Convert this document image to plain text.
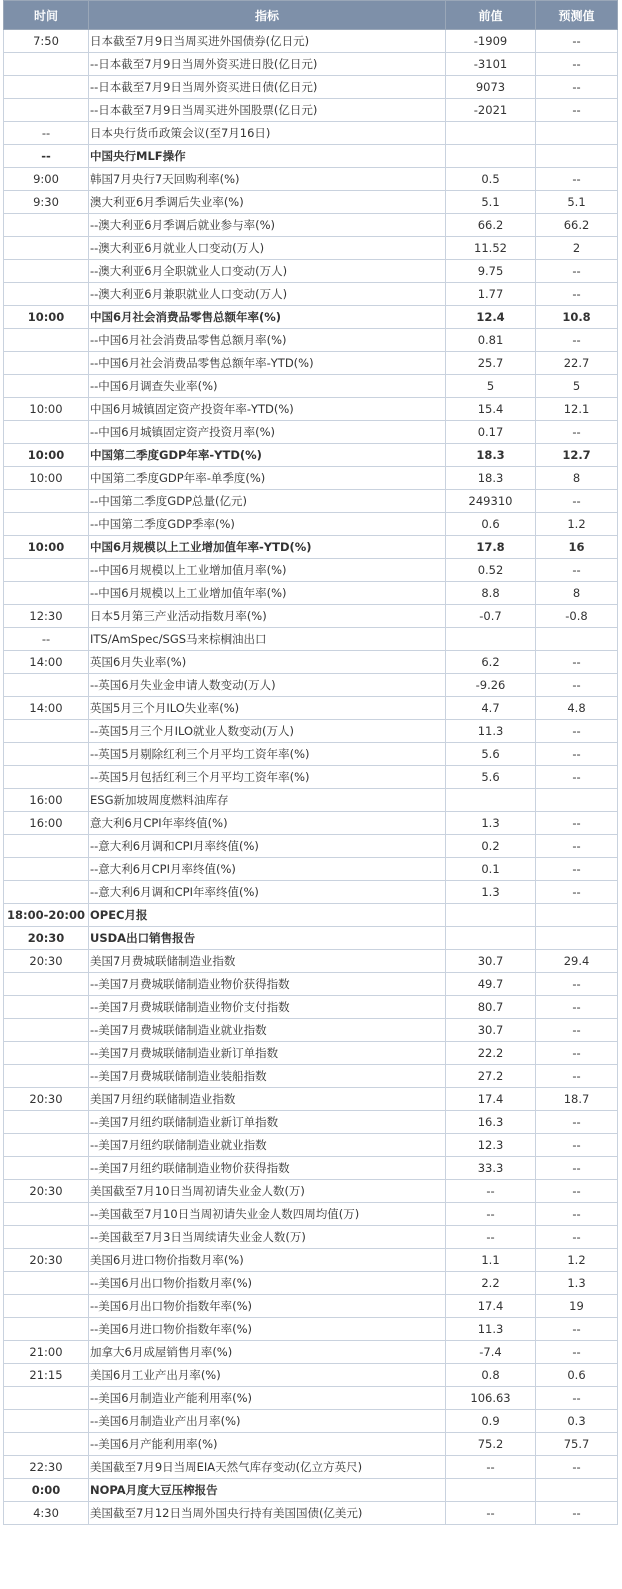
时间	指标	前值	预测值
7:50	日本截至7月9日当周买进外国债券(亿日元)	-1909	--
	--日本截至7月9日当周外资买进日股(亿日元)	-3101	--
	--日本截至7月9日当周外资买进日债(亿日元)	9073	--
	--日本截至7月9日当周买进外国股票(亿日元)	-2021	--
--	日本央行货币政策会议(至7月16日)		
--	中国央行MLF操作		
9:00	韩国7月央行7天回购利率(%)	0.5	--
9:30	澳大利亚6月季调后失业率(%)	5.1	5.1
	--澳大利亚6月季调后就业参与率(%)	66.2	66.2
	--澳大利亚6月就业人口变动(万人)	11.52	2
	--澳大利亚6月全职就业人口变动(万人)	9.75	--
	--澳大利亚6月兼职就业人口变动(万人)	1.77	--
10:00	中国6月社会消费品零售总额年率(%)	12.4	10.8
	--中国6月社会消费品零售总额月率(%)	0.81	--
	--中国6月社会消费品零售总额年率-YTD(%)	25.7	22.7
	--中国6月调查失业率(%)	5	5
10:00	中国6月城镇固定资产投资年率-YTD(%)	15.4	12.1
	--中国6月城镇固定资产投资月率(%)	0.17	--
10:00	中国第二季度GDP年率-YTD(%)	18.3	12.7
10:00	中国第二季度GDP年率-单季度(%)	18.3	8
	--中国第二季度GDP总量(亿元)	249310	--
	--中国第二季度GDP季率(%)	0.6	1.2
10:00	中国6月规模以上工业增加值年率-YTD(%)	17.8	16
	--中国6月规模以上工业增加值月率(%)	0.52	--
	--中国6月规模以上工业增加值年率(%)	8.8	8
12:30	日本5月第三产业活动指数月率(%)	-0.7	-0.8
--	ITS/AmSpec/SGS马来棕榈油出口		
14:00	英国6月失业率(%)	6.2	--
	--英国6月失业金申请人数变动(万人)	-9.26	--
14:00	英国5月三个月ILO失业率(%)	4.7	4.8
	--英国5月三个月ILO就业人数变动(万人)	11.3	--
	--英国5月剔除红利三个月平均工资年率(%)	5.6	--
	--英国5月包括红利三个月平均工资年率(%)	5.6	--
16:00	ESG新加坡周度燃料油库存		
16:00	意大利6月CPI年率终值(%)	1.3	--
	--意大利6月调和CPI月率终值(%)	0.2	--
	--意大利6月CPI月率终值(%)	0.1	--
	--意大利6月调和CPI年率终值(%)	1.3	--
18:00-20:00	OPEC月报		
20:30	USDA出口销售报告		
20:30	美国7月费城联储制造业指数	30.7	29.4
	--美国7月费城联储制造业物价获得指数	49.7	--
	--美国7月费城联储制造业物价支付指数	80.7	--
	--美国7月费城联储制造业就业指数	30.7	--
	--美国7月费城联储制造业新订单指数	22.2	--
	--美国7月费城联储制造业装船指数	27.2	--
20:30	美国7月纽约联储制造业指数	17.4	18.7
	--美国7月纽约联储制造业新订单指数	16.3	--
	--美国7月纽约联储制造业就业指数	12.3	--
	--美国7月纽约联储制造业物价获得指数	33.3	--
20:30	美国截至7月10日当周初请失业金人数(万)	--	--
	--美国截至7月10日当周初请失业金人数四周均值(万)	--	--
	--美国截至7月3日当周续请失业金人数(万)	--	--
20:30	美国6月进口物价指数月率(%)	1.1	1.2
	--美国6月出口物价指数月率(%)	2.2	1.3
	--美国6月出口物价指数年率(%)	17.4	19
	--美国6月进口物价指数年率(%)	11.3	--
21:00	加拿大6月成屋销售月率(%)	-7.4	--
21:15	美国6月工业产出月率(%)	0.8	0.6
	--美国6月制造业产能利用率(%)	106.63	--
	--美国6月制造业产出月率(%)	0.9	0.3
	--美国6月产能利用率(%)	75.2	75.7
22:30	美国截至7月9日当周EIA天然气库存变动(亿立方英尺)	--	--
0:00	NOPA月度大豆压榨报告		
4:30	美国截至7月12日当周外国央行持有美国国债(亿美元)	--	--
